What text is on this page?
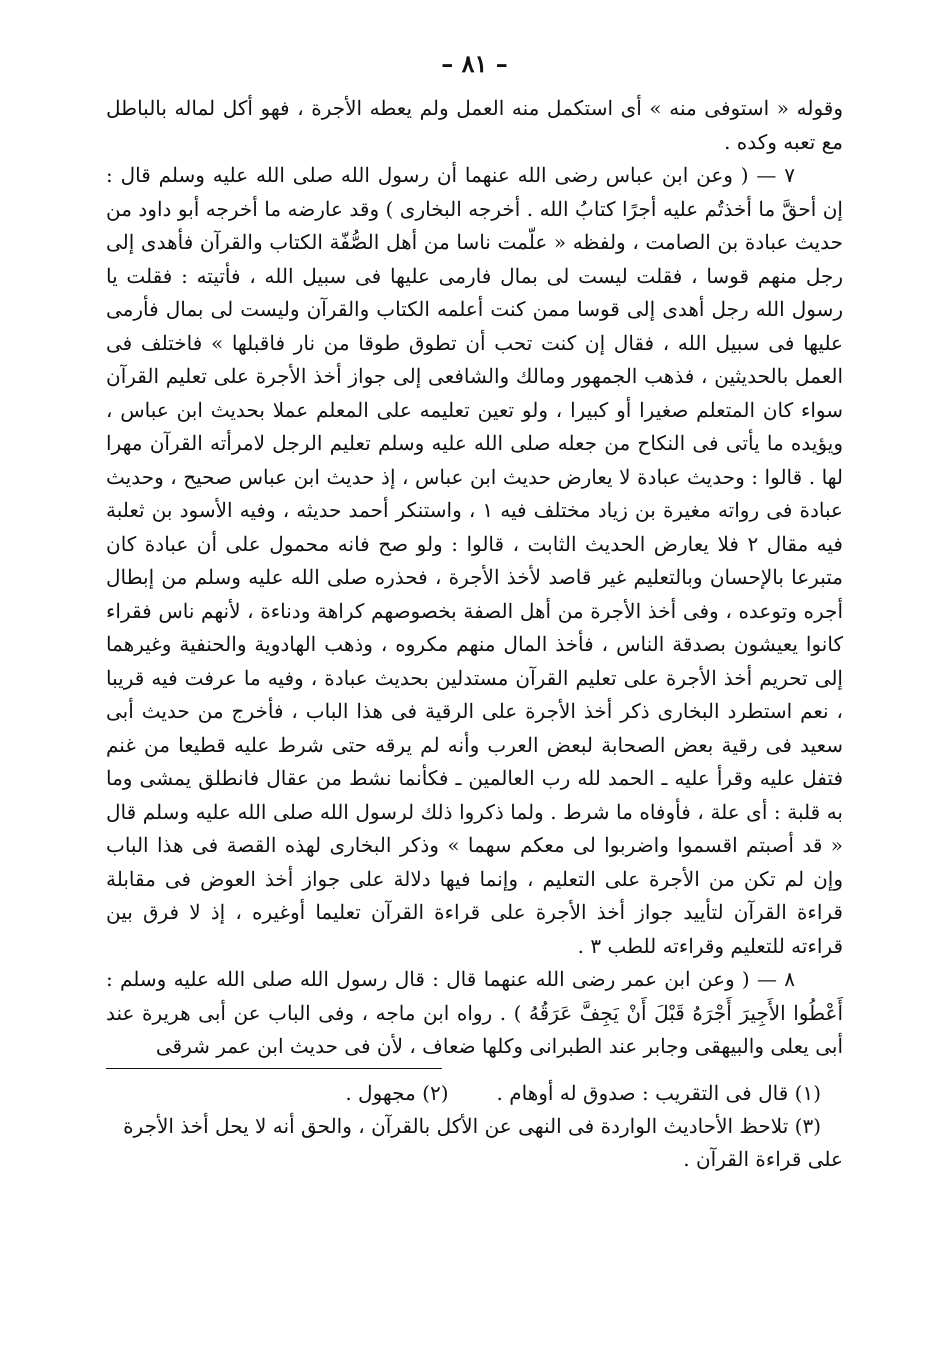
– ٨١ –

وقوله « استوفى منه » أى استكمل منه العمل ولم يعطه الأجرة ، فهو أكل لماله بالباطل مع تعبه وكده .

٧ — ( وعن ابن عباس رضى الله عنهما أن رسول الله صلى الله عليه وسلم قال : إن أحقَّ ما أخذتُم عليه أجرًا كتابُ الله . أخرجه البخارى ) وقد عارضه ما أخرجه أبو داود من حديث عبادة بن الصامت ، ولفظه « علّمت ناسا من أهل الصُّفّة الكتاب والقرآن فأهدى إلى رجل منهم قوسا ، فقلت ليست لى بمال فارمى عليها فى سبيل الله ، فأتيته : فقلت يا رسول الله رجل أهدى إلى قوسا ممن كنت أعلمه الكتاب والقرآن وليست لى بمال فأرمى عليها فى سبيل الله ، فقال إن كنت تحب أن تطوق طوقا من نار فاقبلها » فاختلف فى العمل بالحديثين ، فذهب الجمهور ومالك والشافعى إلى جواز أخذ الأجرة على تعليم القرآن سواء كان المتعلم صغيرا أو كبيرا ، ولو تعين تعليمه على المعلم عملا بحديث ابن عباس ، ويؤيده ما يأتى فى النكاح من جعله صلى الله عليه وسلم تعليم الرجل لامرأته القرآن مهرا لها . قالوا : وحديث عبادة لا يعارض حديث ابن عباس ، إذ حديث ابن عباس صحيح ، وحديث عبادة فى رواته مغيرة بن زياد مختلف فيه ١ ، واستنكر أحمد حديثه ، وفيه الأسود بن ثعلبة فيه مقال ٢ فلا يعارض الحديث الثابت ، قالوا : ولو صح فانه محمول على أن عبادة كان متبرعا بالإحسان وبالتعليم غير قاصد لأخذ الأجرة ، فحذره صلى الله عليه وسلم من إبطال أجره وتوعده ، وفى أخذ الأجرة من أهل الصفة بخصوصهم كراهة ودناءة ، لأنهم ناس فقراء كانوا يعيشون بصدقة الناس ، فأخذ المال منهم مكروه ، وذهب الهادوية والحنفية وغيرهما إلى تحريم أخذ الأجرة على تعليم القرآن مستدلين بحديث عبادة ، وفيه ما عرفت فيه قريبا ، نعم استطرد البخارى ذكر أخذ الأجرة على الرقية فى هذا الباب ، فأخرج من حديث أبى سعيد فى رقية بعض الصحابة لبعض العرب وأنه لم يرقه حتى شرط عليه قطيعا من غنم فتفل عليه وقرأ عليه ـ الحمد لله رب العالمين ـ فكأنما نشط من عقال فانطلق يمشى وما به قلبة : أى علة ، فأوفاه ما شرط . ولما ذكروا ذلك لرسول الله صلى الله عليه وسلم قال « قد أصبتم اقسموا واضربوا لى معكم سهما » وذكر البخارى لهذه القصة فى هذا الباب وإن لم تكن من الأجرة على التعليم ، وإنما فيها دلالة على جواز أخذ العوض فى مقابلة قراءة القرآن لتأييد جواز أخذ الأجرة على قراءة القرآن تعليما أوغيره ، إذ لا فرق بين قراءته للتعليم وقراءته للطب ٣ .

٨ — ( وعن ابن عمر رضى الله عنهما قال : قال رسول الله صلى الله عليه وسلم : أَعْطُوا الأَجِيرَ أَجْرَهُ قَبْلَ أَنْ يَجِفَّ عَرَقُهُ ) . رواه ابن ماجه ، وفى الباب عن أبى هريرة عند أبى يعلى والبيهقى وجابر عند الطبرانى وكلها ضعاف ، لأن فى حديث ابن عمر شرقى

(١) قال فى التقريب : صدوق له أوهام .(٢) مجهول .

(٣) تلاحظ الأحاديث الواردة فى النهى عن الأكل بالقرآن ، والحق أنه لا يحل أخذ الأجرة على قراءة القرآن .
